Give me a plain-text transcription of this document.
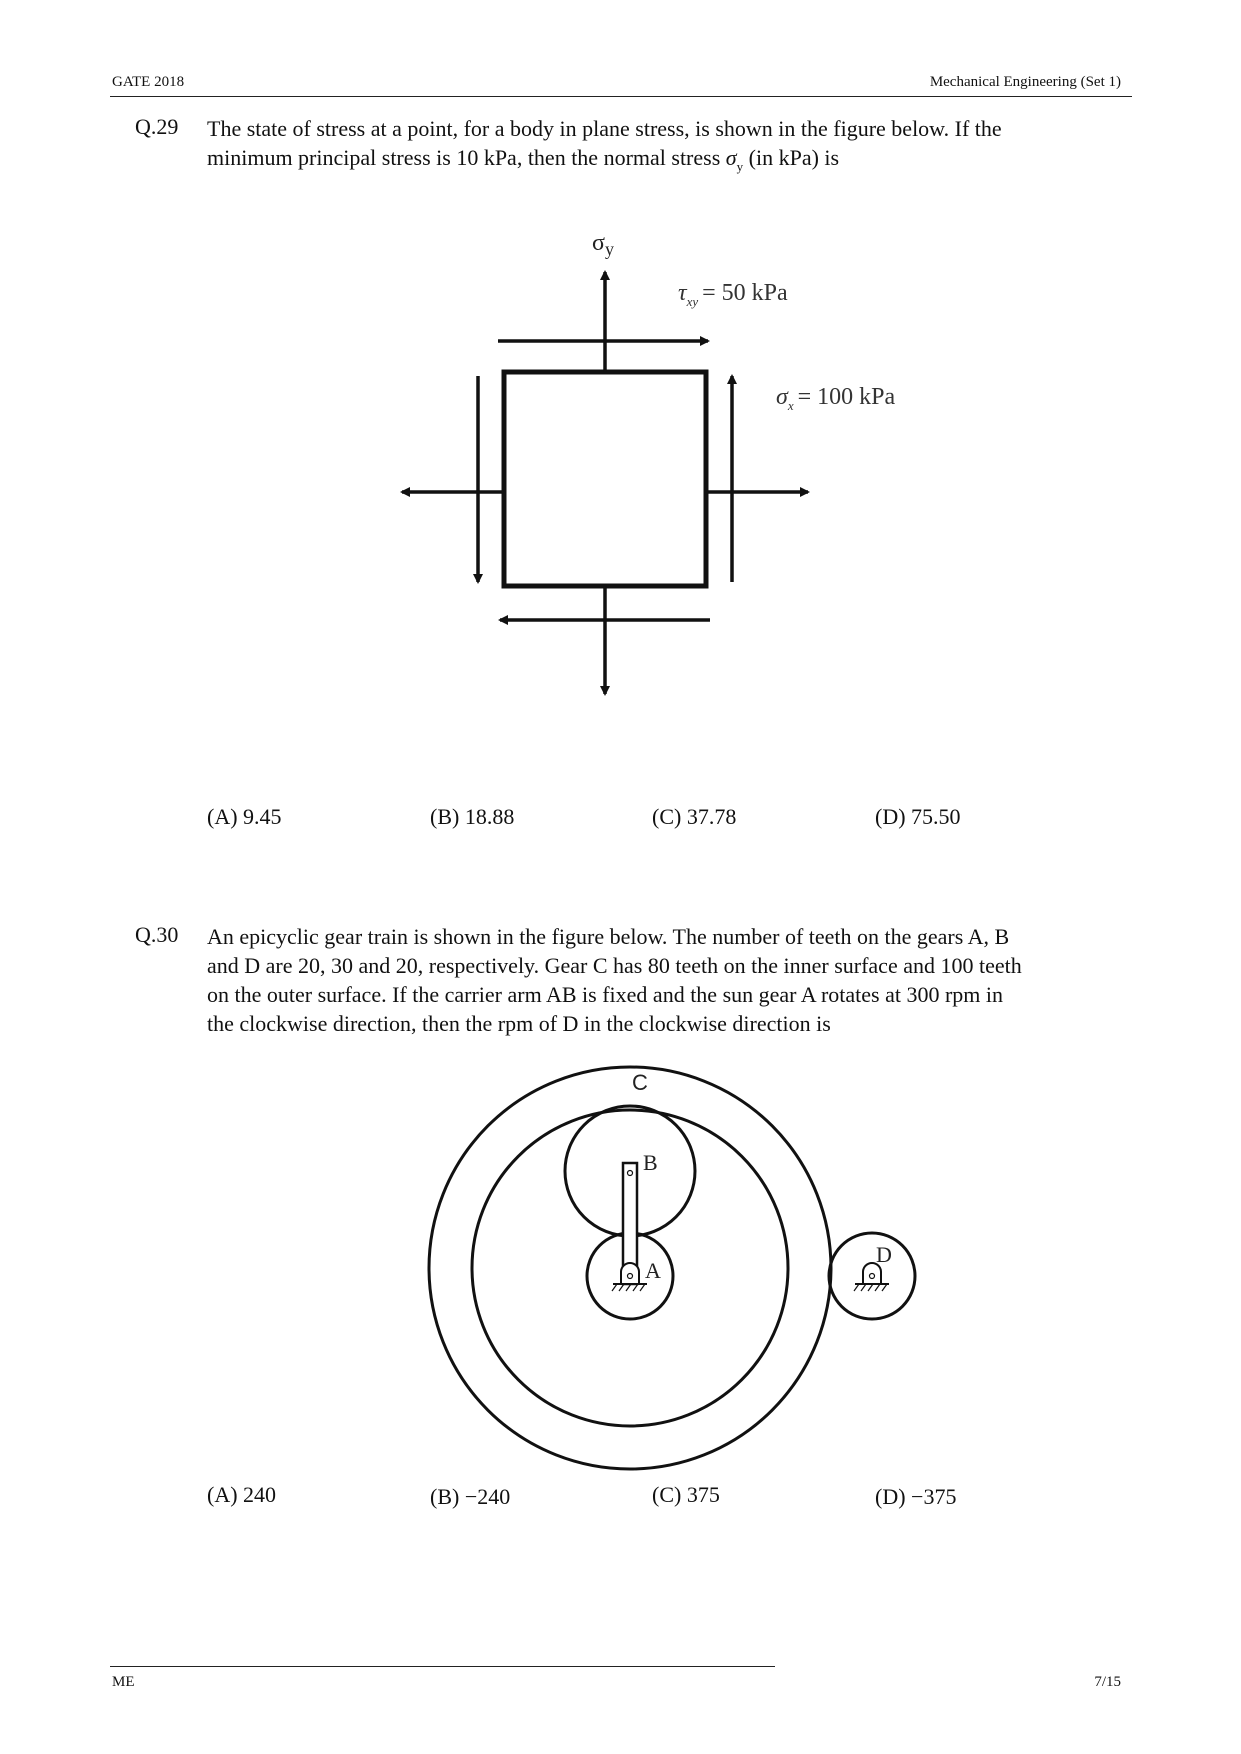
GATE 2018	Mechanical Engineering (Set 1)
Q.29 The state of stress at a point, for a body in plane stress, is shown in the figure below. If the
minimum principal stress is 10 kPa, then the normal stress $\sigma_y$ (in kPa) is
$\sigma_y$
$\tau_{xy} = 50$ kPa
$\sigma_x = 100$ kPa
(A) 9.45	(B) 18.88	(C) 37.78	(D) 75.50
Q.30 An epicyclic gear train is shown in the figure below. The number of teeth on the gears A, B
and D are 20, 30 and 20, respectively. Gear C has 80 teeth on the inner surface and 100 teeth
on the outer surface. If the carrier arm AB is fixed and the sun gear A rotates at 300 rpm in
the clockwise direction, then the rpm of D in the clockwise direction is
C
B
A
D
(A) 240	(B) −240	(C) 375	(D) −375
ME	7/15
